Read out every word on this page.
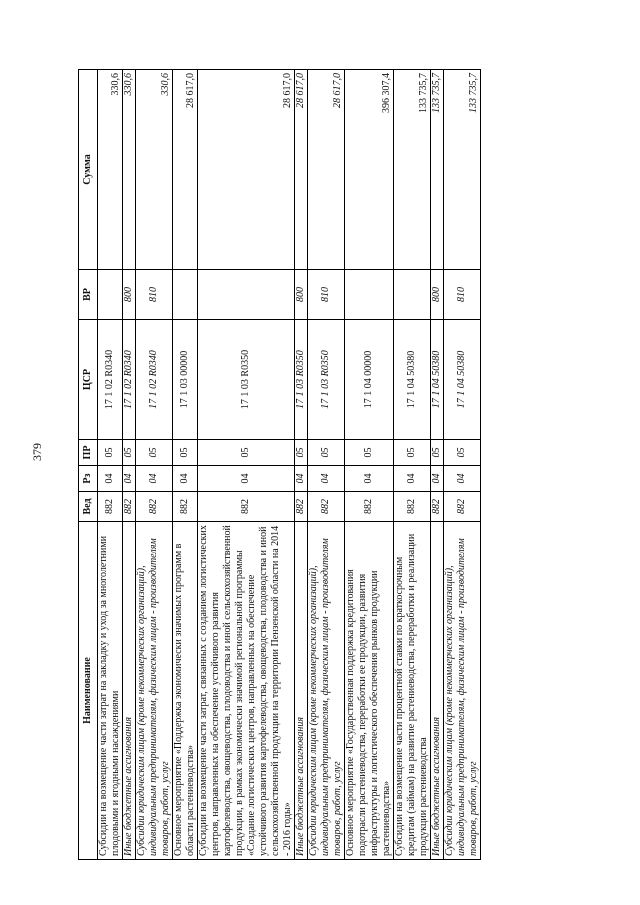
379
Наименование	Вед	Рз	ПР	ЦСР	ВР	Сумма
Субсидии на возмещение части затрат на закладку и уход за многолетними плодовыми и ягодными насаждениями	882	04	05	17 1 02 R0340		330,6
Иные бюджетные ассигнования	882	04	05	17 1 02 R0340	800	330,6
Субсидии юридическим лицам (кроме некоммерческих организаций), индивидуальным предпринимателям, физическим лицам - производителям товаров, работ, услуг	882	04	05	17 1 02 R0340	810	330,6
Основное мероприятие «Поддержка экономически значимых программ в области растениеводства»	882	04	05	17 1 03 00000		28 617,0
Субсидии на возмещение части затрат, связанных с созданием логистических центров, направленных на обеспечение устойчивого развития картофелеводства, овощеводства, плодоводства и иной сельскохозяйственной продукции, в рамках экономически значимой региональной программы «Создание логистических центров, направленных на обеспечение устойчивого развития картофелеводства, овощеводства, плодоводства и иной сельскохозяйственной продукции на территории Пензенской области на 2014 - 2016 годы»	882	04	05	17 1 03 R0350		28 617,0
Иные бюджетные ассигнования	882	04	05	17 1 03 R0350	800	28 617,0
Субсидии юридическим лицам (кроме некоммерческих организаций), индивидуальным предпринимателям, физическим лицам - производителям товаров, работ, услуг	882	04	05	17 1 03 R0350	810	28 617,0
Основное мероприятие «Государственная поддержка кредитования подотрасли растениеводства, переработки ее продукции, развития инфраструктуры и логистического обеспечения рынков продукции растениеводства»	882	04	05	17 1 04 00000		396 307,4
Субсидии на возмещение части процентной ставки по краткосрочным кредитам (займам) на развитие растениеводства, переработки и реализации продукции растениеводства	882	04	05	17 1 04 50380		133 735,7
Иные бюджетные ассигнования	882	04	05	17 1 04 50380	800	133 735,7
Субсидии юридическим лицам (кроме некоммерческих организаций), индивидуальным предпринимателям, физическим лицам - производителям товаров, работ, услуг	882	04	05	17 1 04 50380	810	133 735,7
